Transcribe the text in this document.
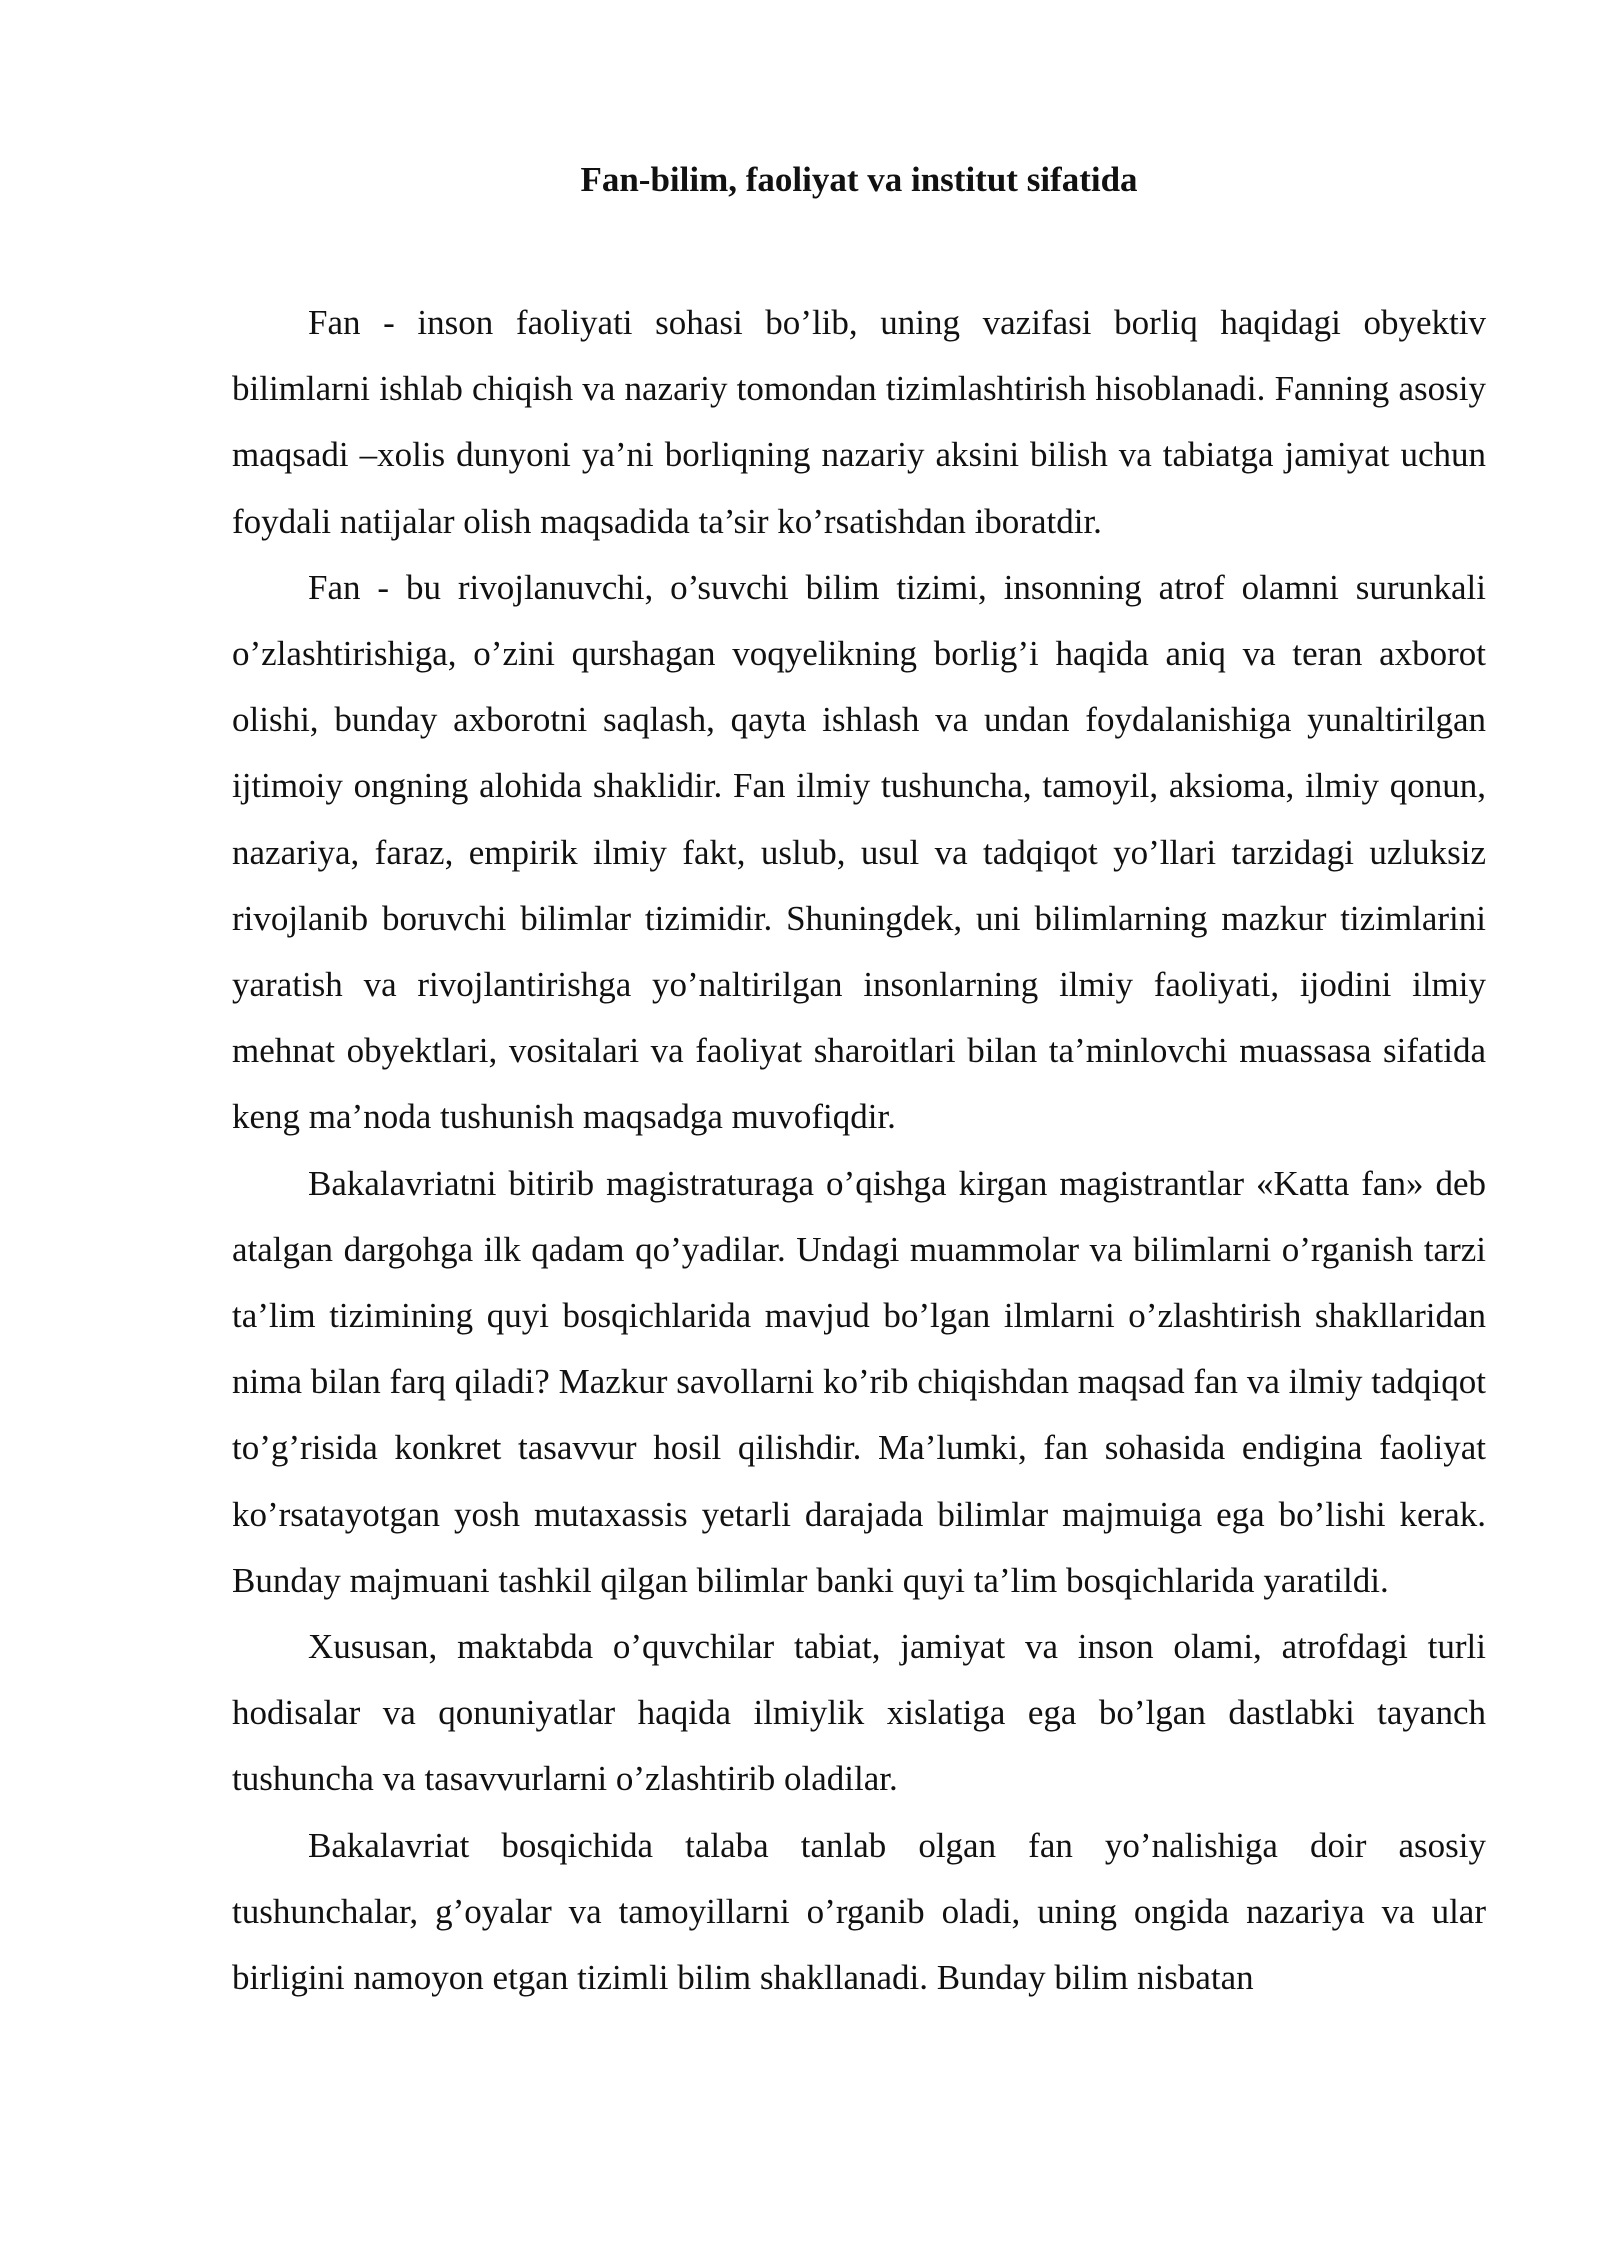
Fan-bilim, faoliyat va institut sifatida

Fan - inson faoliyati sohasi bo’lib, uning vazifasi borliq haqidagi obyektiv bilimlarni ishlab chiqish va nazariy tomondan tizimlashtirish hisoblanadi. Fanning asosiy maqsadi –xolis dunyoni ya’ni borliqning nazariy aksini bilish va tabiatga jamiyat uchun foydali natijalar olish maqsadida ta’sir ko’rsatishdan iboratdir.

Fan - bu rivojlanuvchi, o’suvchi bilim tizimi, insonning atrof olamni surunkali o’zlashtirishiga, o’zini qurshagan voqyelikning borlig’i haqida aniq va teran axborot olishi, bunday axborotni saqlash, qayta ishlash va undan foydalanishiga yunaltirilgan ijtimoiy ongning alohida shaklidir. Fan ilmiy tushuncha, tamoyil, aksioma, ilmiy qonun, nazariya, faraz, empirik ilmiy fakt, uslub, usul va tadqiqot yo’llari tarzidagi uzluksiz rivojlanib boruvchi bilimlar tizimidir. Shuningdek, uni bilimlarning mazkur tizimlarini yaratish va rivojlantirishga yo’naltirilgan insonlarning ilmiy faoliyati, ijodini ilmiy mehnat obyektlari, vositalari va faoliyat sharoitlari bilan ta’minlovchi muassasa sifatida keng ma’noda tushunish maqsadga muvofiqdir.

Bakalavriatni bitirib magistraturaga o’qishga kirgan magistrantlar «Katta fan» deb atalgan dargohga ilk qadam qo’yadilar. Undagi muammolar va bilimlarni o’rganish tarzi ta’lim tizimining quyi bosqichlarida mavjud bo’lgan ilmlarni o’zlashtirish shakllaridan nima bilan farq qiladi? Mazkur savollarni ko’rib chiqishdan maqsad fan va ilmiy tadqiqot to’g’risida konkret tasavvur hosil qilishdir. Ma’lumki, fan sohasida endigina faoliyat ko’rsatayotgan yosh mutaxassis yetarli darajada bilimlar majmuiga ega bo’lishi kerak. Bunday majmuani tashkil qilgan bilimlar banki quyi ta’lim bosqichlarida yaratildi.

Xususan, maktabda o’quvchilar tabiat, jamiyat va inson olami, atrofdagi turli hodisalar va qonuniyatlar haqida ilmiylik xislatiga ega bo’lgan dastlabki tayanch tushuncha va tasavvurlarni o’zlashtirib oladilar.

Bakalavriat bosqichida talaba tanlab olgan fan yo’nalishiga doir asosiy tushunchalar, g’oyalar va tamoyillarni o’rganib oladi, uning ongida nazariya va ular birligini namoyon etgan tizimli bilim shakllanadi. Bunday bilim nisbatan
